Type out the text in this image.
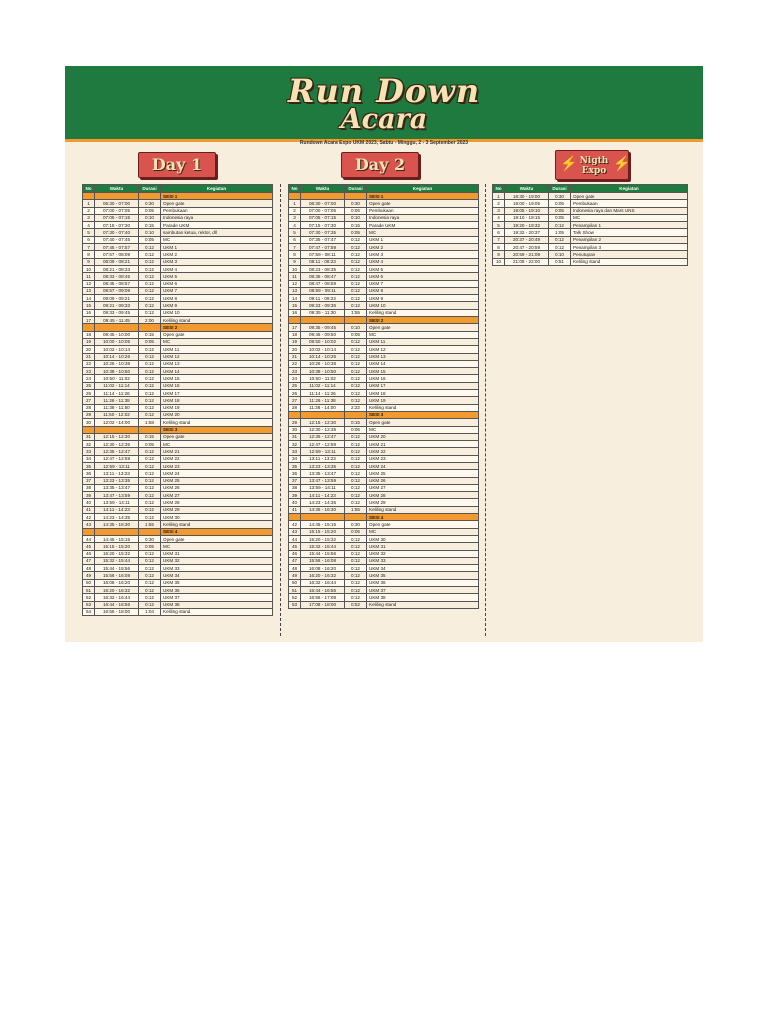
Run Down
Acara
Rundown Acara Expo UKM 2023, Sabtu - Minggu, 2 - 3 September 2023
Day 1	Day 2	⚡ Nigth
Expo ⚡
No	Waktu	Durasi	Kegiatan
			SESI 1
1	06:30 - 07:00	0:30	Open gate
2	07:00 - 07:05	0:05	Pembukaan
3	07:05 - 07:15	0:10	Indonesia raya
4	07:15 - 07:30	0:15	Parade UKM
5	07:30 - 07:40	0:10	sambutan ketua, rektor, dll
6	07:40 - 07:45	0:05	MC
7	07:45 - 07:57	0:12	UKM 1
8	07:57 - 08:09	0:12	UKM 2
9	08:09 - 08:21	0:12	UKM 3
10	08:21 - 08:33	0:12	UKM 4
11	08:33 - 08:45	0:12	UKM 5
12	08:45 - 08:57	0:12	UKM 6
13	08:57 - 09:09	0:12	UKM 7
14	09:09 - 09:21	0:12	UKM 8
15	09:21 - 09:33	0:12	UKM 9
16	09:33 - 09:45	0:12	UKM 10
17	09:45 - 11:45	2:00	Keliling stand
			SESI 2
18	09:45 - 10:00	0:15	Open gate
19	10:00 - 10:05	0:05	MC
20	10:02 - 10:14	0:12	UKM 11
21	10:14 - 10:26	0:12	UKM 12
22	10:26 - 10:38	0:12	UKM 13
23	10:38 - 10:50	0:12	UKM 14
24	10:50 - 11:02	0:12	UKM 15
25	11:02 - 11:14	0:12	UKM 16
26	11:14 - 11:26	0:12	UKM 17
27	11:26 - 11:38	0:12	UKM 18
28	11:38 - 11:50	0:12	UKM 19
29	11:50 - 12:02	0:12	UKM 20
30	12:02 - 14:00	1:58	Keliling stand
			SESI 3
31	12:15 - 12:30	0:15	Open gate
32	12:30 - 12:35	0:05	MC
33	12:35 - 12:47	0:12	UKM 21
34	12:47 - 12:59	0:12	UKM 22
35	12:59 - 13:11	0:12	UKM 23
36	13:11 - 13:23	0:12	UKM 24
37	13:23 - 13:35	0:12	UKM 25
38	13:35 - 13:47	0:12	UKM 26
39	13:47 - 13:59	0:12	UKM 27
40	13:59 - 14:11	0:12	UKM 28
41	14:11 - 14:23	0:12	UKM 29
42	14:23 - 14:35	0:12	UKM 30
43	14:35 - 16:30	1:55	Keliling stand
			SESI 4
44	14:45 - 15:15	0:30	Open gate
45	15:15 - 15:20	0:05	MC
46	15:20 - 15:32	0:12	UKM 31
47	15:32 - 15:44	0:12	UKM 32
48	15:44 - 15:56	0:12	UKM 33
49	15:56 - 16:08	0:12	UKM 34
50	16:08 - 16:20	0:12	UKM 35
51	16:20 - 16:32	0:12	UKM 36
52	16:32 - 16:44	0:12	UKM 37
53	16:44 - 16:56	0:12	UKM 38
54	16:56 - 18:00	1:04	Keliling stand
No	Waktu	Durasi	Kegiatan
			SESI 1
1	06:30 - 07:00	0:30	Open gate
2	07:00 - 07:05	0:05	Pembukaan
3	07:05 - 07:15	0:10	Indonesia raya
4	07:15 - 07:30	0:15	Parade UKM
5	07:30 - 07:35	0:05	MC
6	07:35 - 07:47	0:12	UKM 1
7	07:47 - 07:59	0:12	UKM 2
8	07:59 - 08:11	0:12	UKM 3
9	08:11 - 08:23	0:12	UKM 4
10	08:23 - 08:35	0:12	UKM 5
11	08:35 - 08:47	0:12	UKM 6
12	08:47 - 08:59	0:12	UKM 7
13	08:59 - 09:11	0:12	UKM 8
14	09:11 - 09:23	0:12	UKM 9
15	09:23 - 09:35	0:12	UKM 10
16	09:35 - 11:30	1:55	Keliling stand
			SESI 2
17	09:35 - 09:45	0:10	Open gate
18	09:45 - 09:50	0:05	MC
19	09:50 - 10:02	0:12	UKM 11
20	10:02 - 10:14	0:12	UKM 12
21	10:14 - 10:26	0:12	UKM 13
22	10:26 - 10:38	0:12	UKM 14
23	10:38 - 10:50	0:12	UKM 15
24	10:50 - 11:02	0:12	UKM 16
25	11:02 - 11:14	0:12	UKM 17
26	11:14 - 11:26	0:12	UKM 18
27	11:26 - 11:38	0:12	UKM 19
28	11:38 - 14:00	2:22	Keliling stand
			SESI 3
29	12:15 - 12:30	0:15	Open gate
30	12:30 - 12:35	0:05	MC
31	12:35 - 12:47	0:12	UKM 20
32	12:47 - 12:59	0:12	UKM 21
33	12:59 - 13:11	0:12	UKM 22
34	13:11 - 13:23	0:12	UKM 23
35	13:23 - 13:35	0:12	UKM 24
36	13:35 - 13:47	0:12	UKM 25
37	13:47 - 13:59	0:12	UKM 26
38	13:59 - 14:11	0:12	UKM 27
39	14:11 - 14:23	0:12	UKM 28
40	14:23 - 14:35	0:12	UKM 29
41	14:35 - 16:30	1:55	Keliling stand
			SESI 4
42	14:45 - 15:15	0:30	Open gate
43	15:15 - 15:20	0:05	MC
44	15:20 - 15:32	0:12	UKM 30
45	15:32 - 15:44	0:12	UKM 31
46	15:44 - 15:56	0:12	UKM 32
47	15:56 - 16:08	0:12	UKM 33
48	16:08 - 16:20	0:12	UKM 34
49	16:20 - 16:32	0:12	UKM 35
50	16:32 - 16:44	0:12	UKM 36
51	16:44 - 16:56	0:12	UKM 37
52	16:56 - 17:08	0:12	UKM 38
53	17:08 - 18:00	0:52	Keliling stand
No	Waktu	Durasi	Kegiatan
1	18:30 - 19:00	0:30	Open gate
2	19:00 - 19:05	0:05	Pembukaan
3	19:05 - 19:10	0:05	Indonesia raya dan Mars UNS
4	19:10 - 19:15	0:05	MC
5	19:20 - 19:32	0:12	Penampilan 1
6	19:32 - 20:37	1:05	Talk Show
7	20:37 - 20:49	0:12	Penampilan 2
8	20:47 - 20:59	0:12	Penampilan 3
9	20:59 - 21:09	0:10	Penutupan
10	21:09 - 22:00	0:51	Keliling stand
